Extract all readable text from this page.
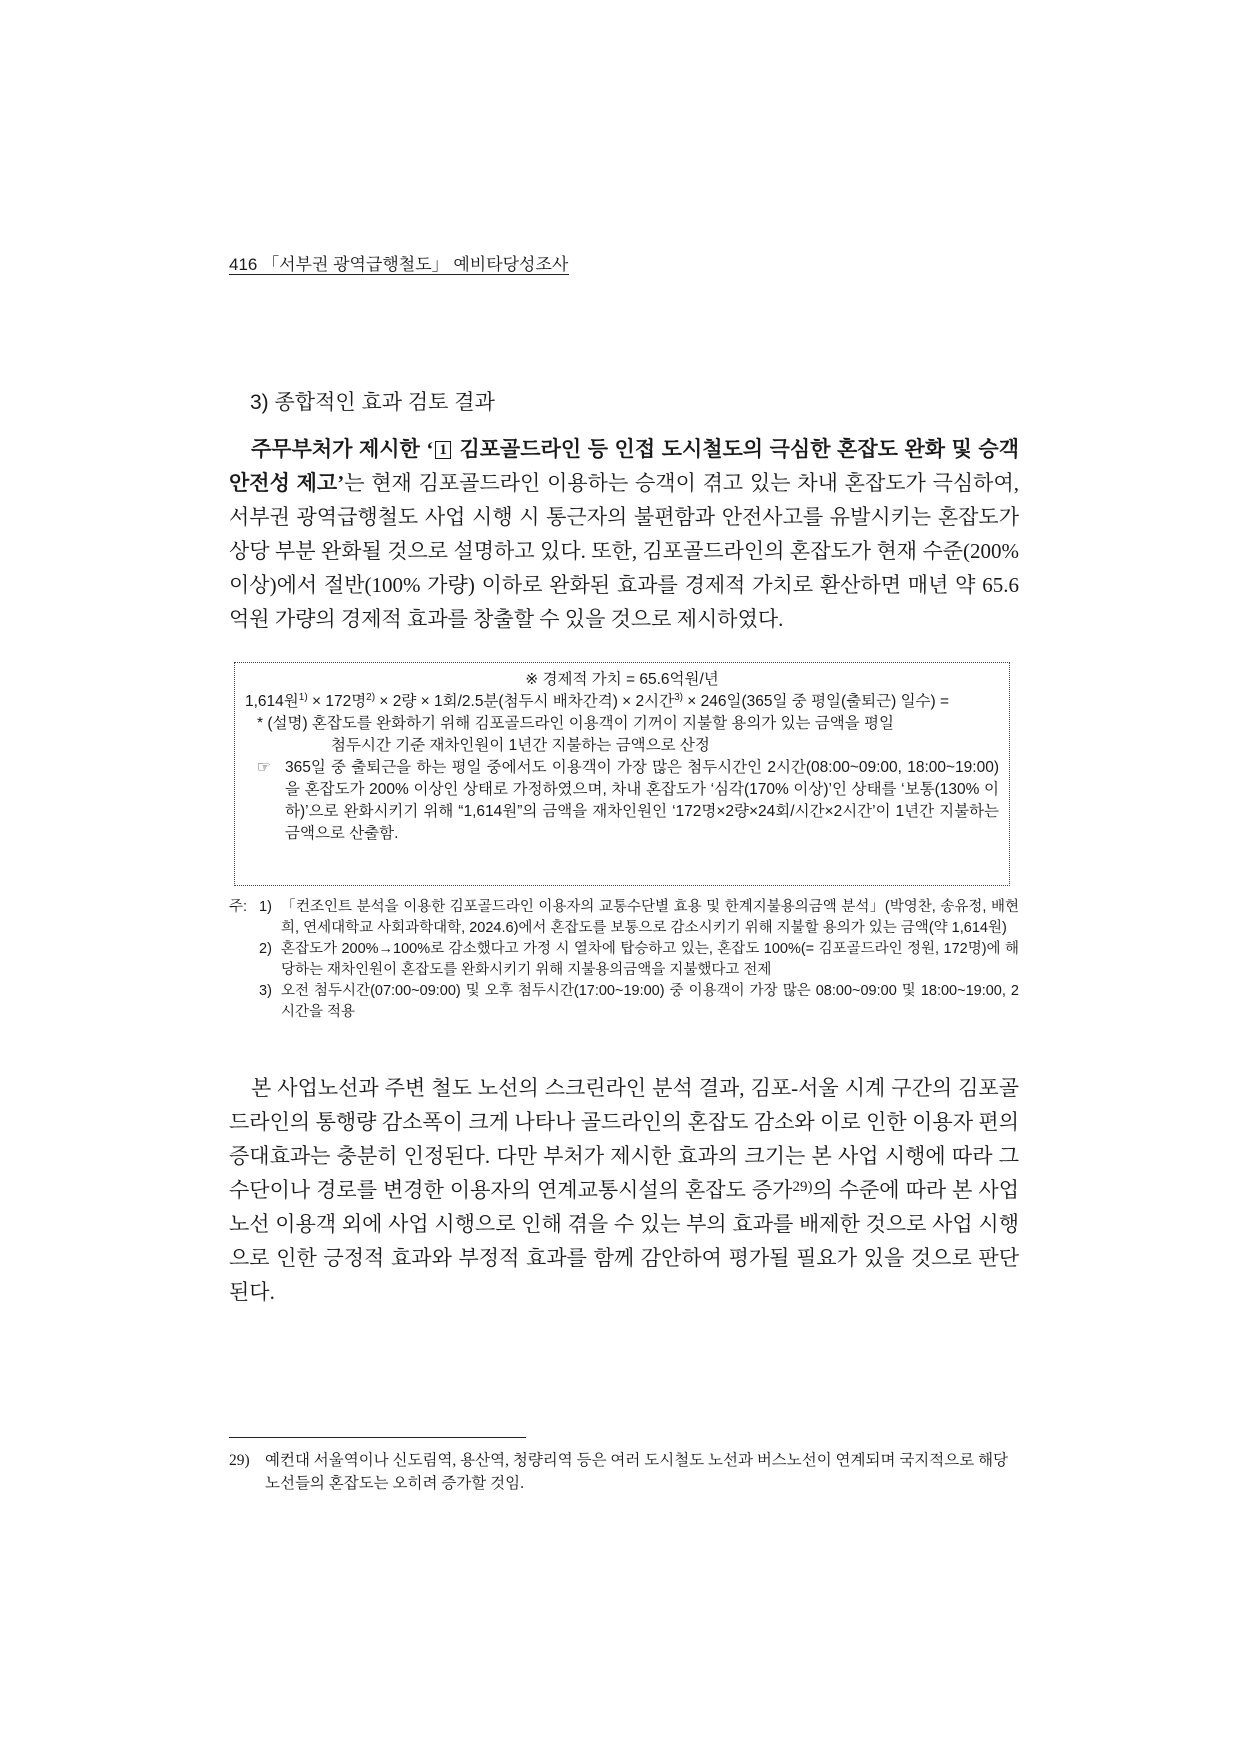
416 「서부권 광역급행철도」 예비타당성조사
3) 종합적인 효과 검토 결과

주무부처가 제시한 ‘ 1 김포골드라인 등 인접 도시철도의 극심한 혼잡도 완화 및 승객 안전성 제고’는 현재 김포골드라인 이용하는 승객이 겪고 있는 차내 혼잡도가 극심하여, 서부권 광역급행철도 사업 시행 시 통근자의 불편함과 안전사고를 유발시키는 혼잡도가 상당 부분 완화될 것으로 설명하고 있다. 또한, 김포골드라인의 혼잡도가 현재 수준(200% 이상)에서 절반(100% 가량) 이하로 완화된 효과를 경제적 가치로 환산하면 매년 약 65.6억원 가량의 경제적 효과를 창출할 수 있을 것으로 제시하였다.

※ 경제적 가치 = 65.6억원/년
1,614원$^{1)}$ × 172명$^{2)}$ × 2량 × 1회/2.5분(첨두시 배차간격) × 2시간$^{3)}$ × 246일(365일 중 평일(출퇴근) 일수) =
* (설명) 혼잡도를 완화하기 위해 김포골드라인 이용객이 기꺼이 지불할 용의가 있는 금액을 평일
첨두시간 기준 재차인원이 1년간 지불하는 금액으로 산정
☞ 365일 중 출퇴근을 하는 평일 중에서도 이용객이 가장 많은 첨두시간인 2시간(08:00~09:00, 18:00~19:00)을 혼잡도가 200% 이상인 상태로 가정하였으며, 차내 혼잡도가 ‘심각(170% 이상)’인 상태를 ‘보통(130% 이하)’으로 완화시키기 위해 “1,614원”의 금액을 재차인원인 ‘172명×2량×24회/시간×2시간’이 1년간 지불하는 금액으로 산출함.
주: 1) 「컨조인트 분석을 이용한 김포골드라인 이용자의 교통수단별 효용 및 한계지불용의금액 분석」(박영찬, 송유정, 배현희, 연세대학교 사회과학대학, 2024.6)에서 혼잡도를 보통으로 감소시키기 위해 지불할 용의가 있는 금액(약 1,614원)
2) 혼잡도가 200%→100%로 감소했다고 가정 시 열차에 탑승하고 있는, 혼잡도 100%(= 김포골드라인 정원, 172명)에 해당하는 재차인원이 혼잡도를 완화시키기 위해 지불용의금액을 지불했다고 전제
3) 오전 첨두시간(07:00~09:00) 및 오후 첨두시간(17:00~19:00) 중 이용객이 가장 많은 08:00~09:00 및 18:00~19:00, 2시간을 적용

본 사업노선과 주변 철도 노선의 스크린라인 분석 결과, 김포-서울 시계 구간의 김포골드라인의 통행량 감소폭이 크게 나타나 골드라인의 혼잡도 감소와 이로 인한 이용자 편의 증대효과는 충분히 인정된다. 다만 부처가 제시한 효과의 크기는 본 사업 시행에 따라 그 수단이나 경로를 변경한 이용자의 연계교통시설의 혼잡도 증가$^{29)}$의 수준에 따라 본 사업노선 이용객 외에 사업 시행으로 인해 겪을 수 있는 부의 효과를 배제한 것으로 사업 시행으로 인한 긍정적 효과와 부정적 효과를 함께 감안하여 평가될 필요가 있을 것으로 판단된다.

29) 예컨대 서울역이나 신도림역, 용산역, 청량리역 등은 여러 도시철도 노선과 버스노선이 연계되며 국지적으로 해당 노선들의 혼잡도는 오히려 증가할 것임.
